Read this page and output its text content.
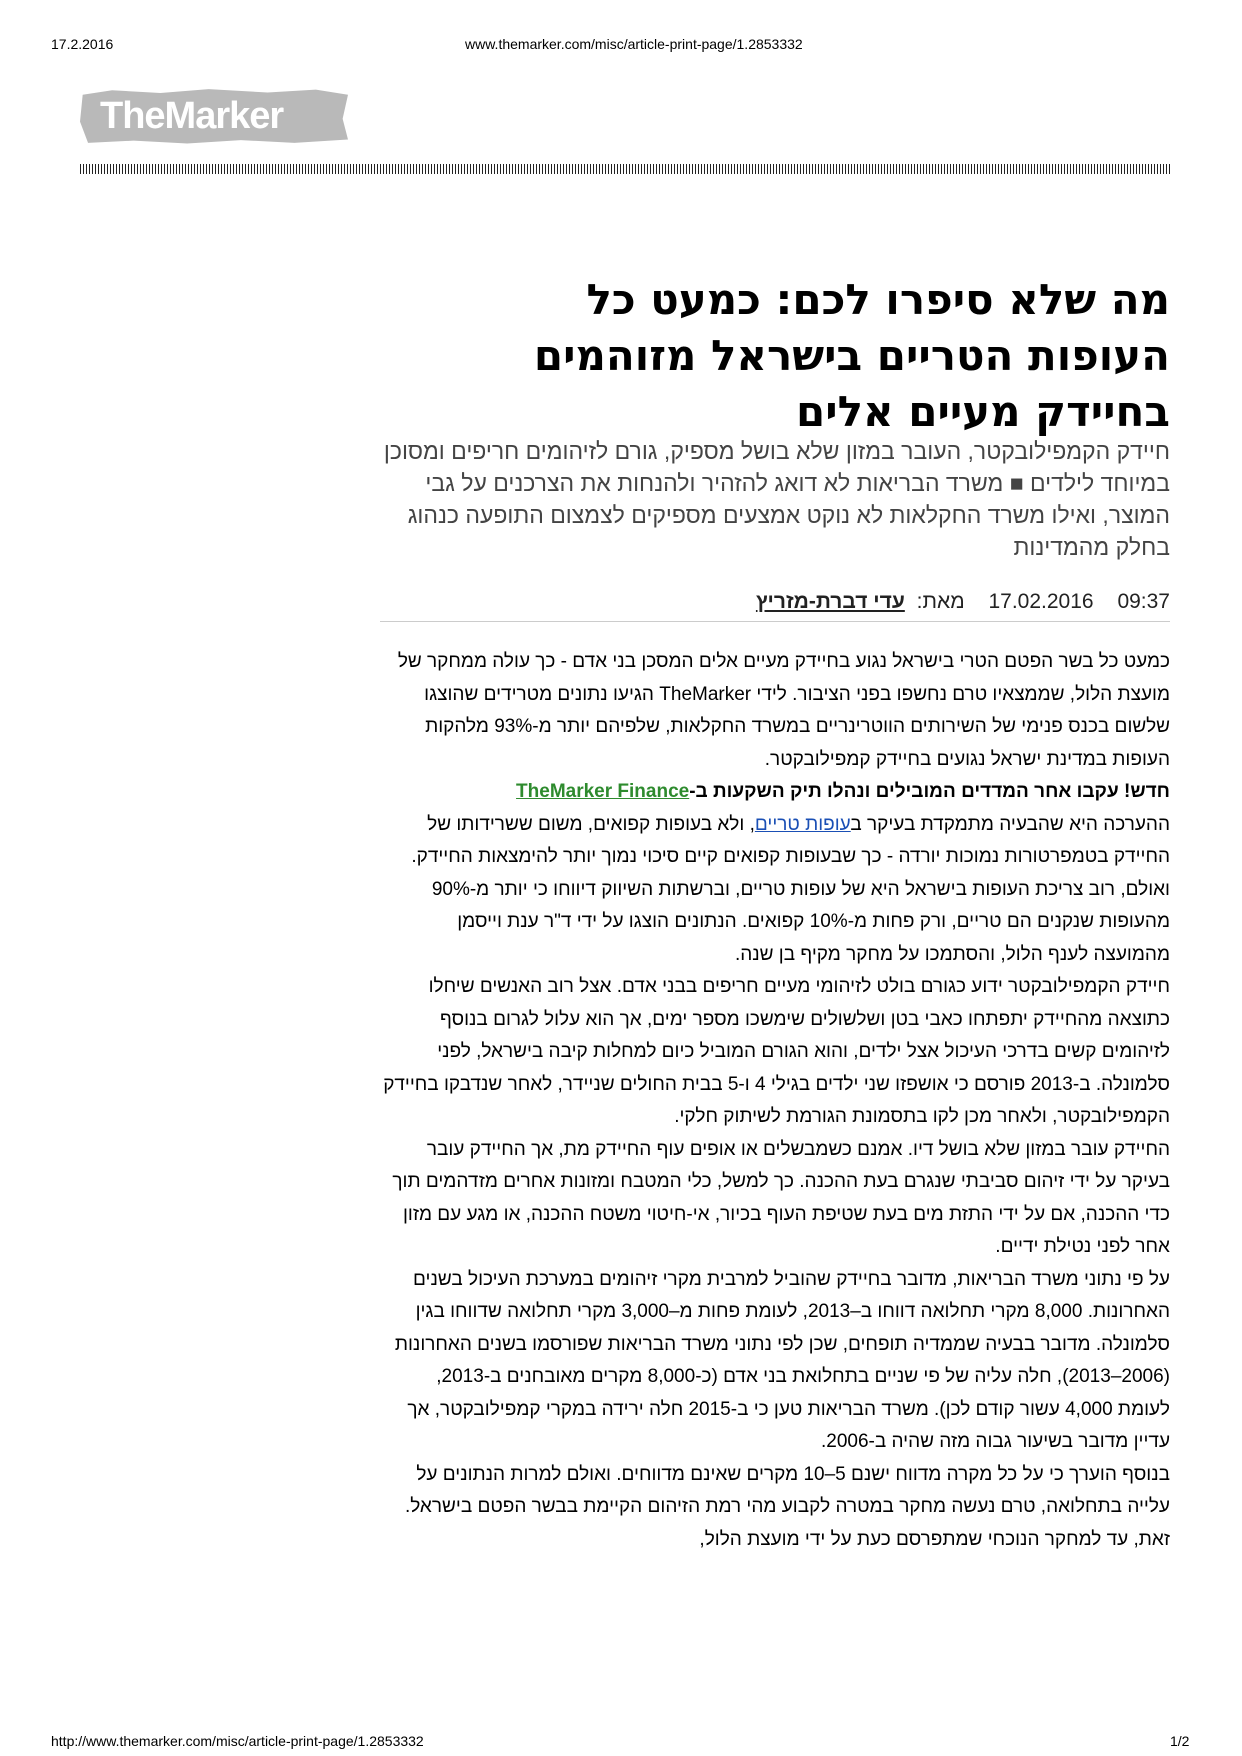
17.2.2016	www.themarker.com/misc/article-print-page/1.2853332
TheMarker
מה שלא סיפרו לכם: כמעט כל העופות הטריים בישראל מזוהמים בחיידק מעיים אלים
חיידק הקמפילובקטר, העובר במזון שלא בושל מספיק, גורם לזיהומים חריפים ומסוכן במיוחד לילדים ■ משרד הבריאות לא דואג להזהיר ולהנחות את הצרכנים על גבי המוצר, ואילו משרד החקלאות לא נוקט אמצעים מספיקים לצמצום התופעה כנהוג בחלק מהמדינות
09:37 17.02.2016 מאת: עדי דברת-מזריץ

כמעט כל בשר הפטם הטרי בישראל נגוע בחיידק מעיים אלים המסכן בני אדם - כך עולה ממחקר של מועצת הלול, שממצאיו טרם נחשפו בפני הציבור. לידי TheMarker הגיעו נתונים מטרידים שהוצגו שלשום בכנס פנימי של השירותים הווטרינריים במשרד החקלאות, שלפיהם יותר מ-93% מלהקות העופות במדינת ישראל נגועים בחיידק קמפילובקטר.

חדש! עקבו אחר המדדים המובילים ונהלו תיק השקעות ב-TheMarker Finance

ההערכה היא שהבעיה מתמקדת בעיקר בעופות טריים, ולא בעופות קפואים, משום ששרידותו של החיידק בטמפרטורות נמוכות יורדה - כך שבעופות קפואים קיים סיכוי נמוך יותר להימצאות החיידק. ואולם, רוב צריכת העופות בישראל היא של עופות טריים, וברשתות השיווק דיווחו כי יותר מ-90% מהעופות שנקנים הם טריים, ורק פחות מ-10% קפואים. הנתונים הוצגו על ידי ד"ר ענת וייסמן מהמועצה לענף הלול, והסתמכו על מחקר מקיף בן שנה.

חיידק הקמפילובקטר ידוע כגורם בולט לזיהומי מעיים חריפים בבני אדם. אצל רוב האנשים שיחלו כתוצאה מהחיידק יתפתחו כאבי בטן ושלשולים שימשכו מספר ימים, אך הוא עלול לגרום בנוסף לזיהומים קשים בדרכי העיכול אצל ילדים, והוא הגורם המוביל כיום למחלות קיבה בישראל, לפני סלמונלה. ב-2013 פורסם כי אושפזו שני ילדים בגילי 4 ו-5 בבית החולים שניידר, לאחר שנדבקו בחיידק הקמפילובקטר, ולאחר מכן לקו בתסמונת הגורמת לשיתוק חלקי.

החיידק עובר במזון שלא בושל דיו. אמנם כשמבשלים או אופים עוף החיידק מת, אך החיידק עובר בעיקר על ידי זיהום סביבתי שנגרם בעת ההכנה. כך למשל, כלי המטבח ומזונות אחרים מזדהמים תוך כדי ההכנה, אם על ידי התזת מים בעת שטיפת העוף בכיור, אי-חיטוי משטח ההכנה, או מגע עם מזון אחר לפני נטילת ידיים.

על פי נתוני משרד הבריאות, מדובר בחיידק שהוביל למרבית מקרי זיהומים במערכת העיכול בשנים האחרונות. 8,000 מקרי תחלואה דווחו ב–2013, לעומת פחות מ–3,000 מקרי תחלואה שדווחו בגין סלמונלה. מדובר בבעיה שממדיה תופחים, שכן לפי נתוני משרד הבריאות שפורסמו בשנים האחרונות (2006–2013), חלה עליה של פי שניים בתחלואת בני אדם (כ-8,000 מקרים מאובחנים ב-2013, לעומת 4,000 עשור קודם לכן). משרד הבריאות טען כי ב-2015 חלה ירידה במקרי קמפילובקטר, אך עדיין מדובר בשיעור גבוה מזה שהיה ב-2006.

בנוסף הוערך כי על כל מקרה מדווח ישנם 5–10 מקרים שאינם מדווחים. ואולם למרות הנתונים על עלייה בתחלואה, טרם נעשה מחקר במטרה לקבוע מהי רמת הזיהום הקיימת בבשר הפטם בישראל. זאת, עד למחקר הנוכחי שמתפרסם כעת על ידי מועצת הלול,

http://www.themarker.com/misc/article-print-page/1.2853332	1/2
